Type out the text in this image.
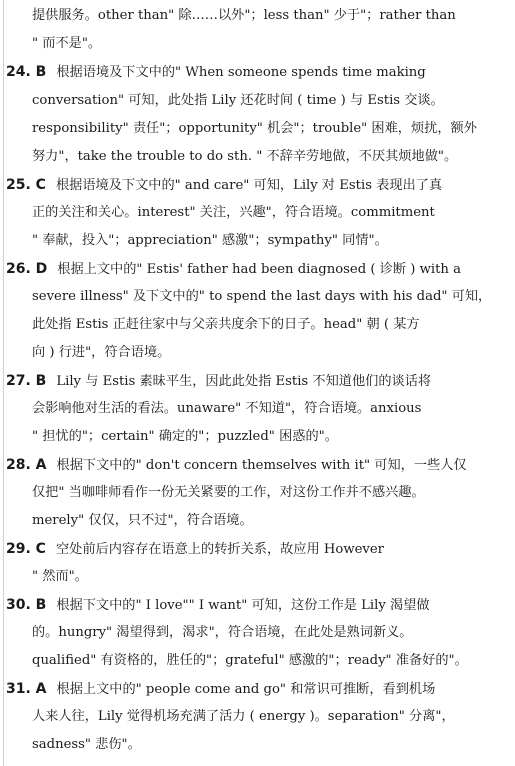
提供服务。other than" 除……以外"；less than" 少于"；rather than
" 而不是"。
24. B 根据语境及下文中的" When someone spends time making
conversation" 可知，此处指 Lily 还花时间 ( time ) 与 Estis 交谈。
responsibility" 责任"；opportunity" 机会"；trouble" 困难，烦扰，额外
努力"，take the trouble to do sth. " 不辞辛劳地做，不厌其烦地做"。
25. C 根据语境及下文中的" and care" 可知，Lily 对 Estis 表现出了真
正的关注和关心。interest" 关注，兴趣"，符合语境。commitment
" 奉献，投入"；appreciation" 感激"；sympathy" 同情"。
26. D 根据上文中的" Estis' father had been diagnosed ( 诊断 ) with a
severe illness" 及下文中的" to spend the last days with his dad" 可知，
此处指 Estis 正赶往家中与父亲共度余下的日子。head" 朝 ( 某方
向 ) 行进"，符合语境。
27. B Lily 与 Estis 素昧平生，因此此处指 Estis 不知道他们的谈话将
会影响他对生活的看法。unaware" 不知道"，符合语境。anxious
" 担忧的"；certain" 确定的"；puzzled" 困惑的"。
28. A 根据下文中的" don't concern themselves with it" 可知，一些人仅
仅把" 当咖啡师看作一份无关紧要的工作，对这份工作并不感兴趣。
merely" 仅仅，只不过"，符合语境。
29. C 空处前后内容存在语意上的转折关系，故应用 However
" 然而"。
30. B 根据下文中的" I love"" I want" 可知，这份工作是 Lily 渴望做
的。hungry" 渴望得到，渴求"，符合语境，在此处是熟词新义。
qualified" 有资格的，胜任的"；grateful" 感激的"；ready" 准备好的"。
31. A 根据上文中的" people come and go" 和常识可推断，看到机场
人来人往，Lily 觉得机场充满了活力 ( energy )。separation" 分离"，
sadness" 悲伤"。
